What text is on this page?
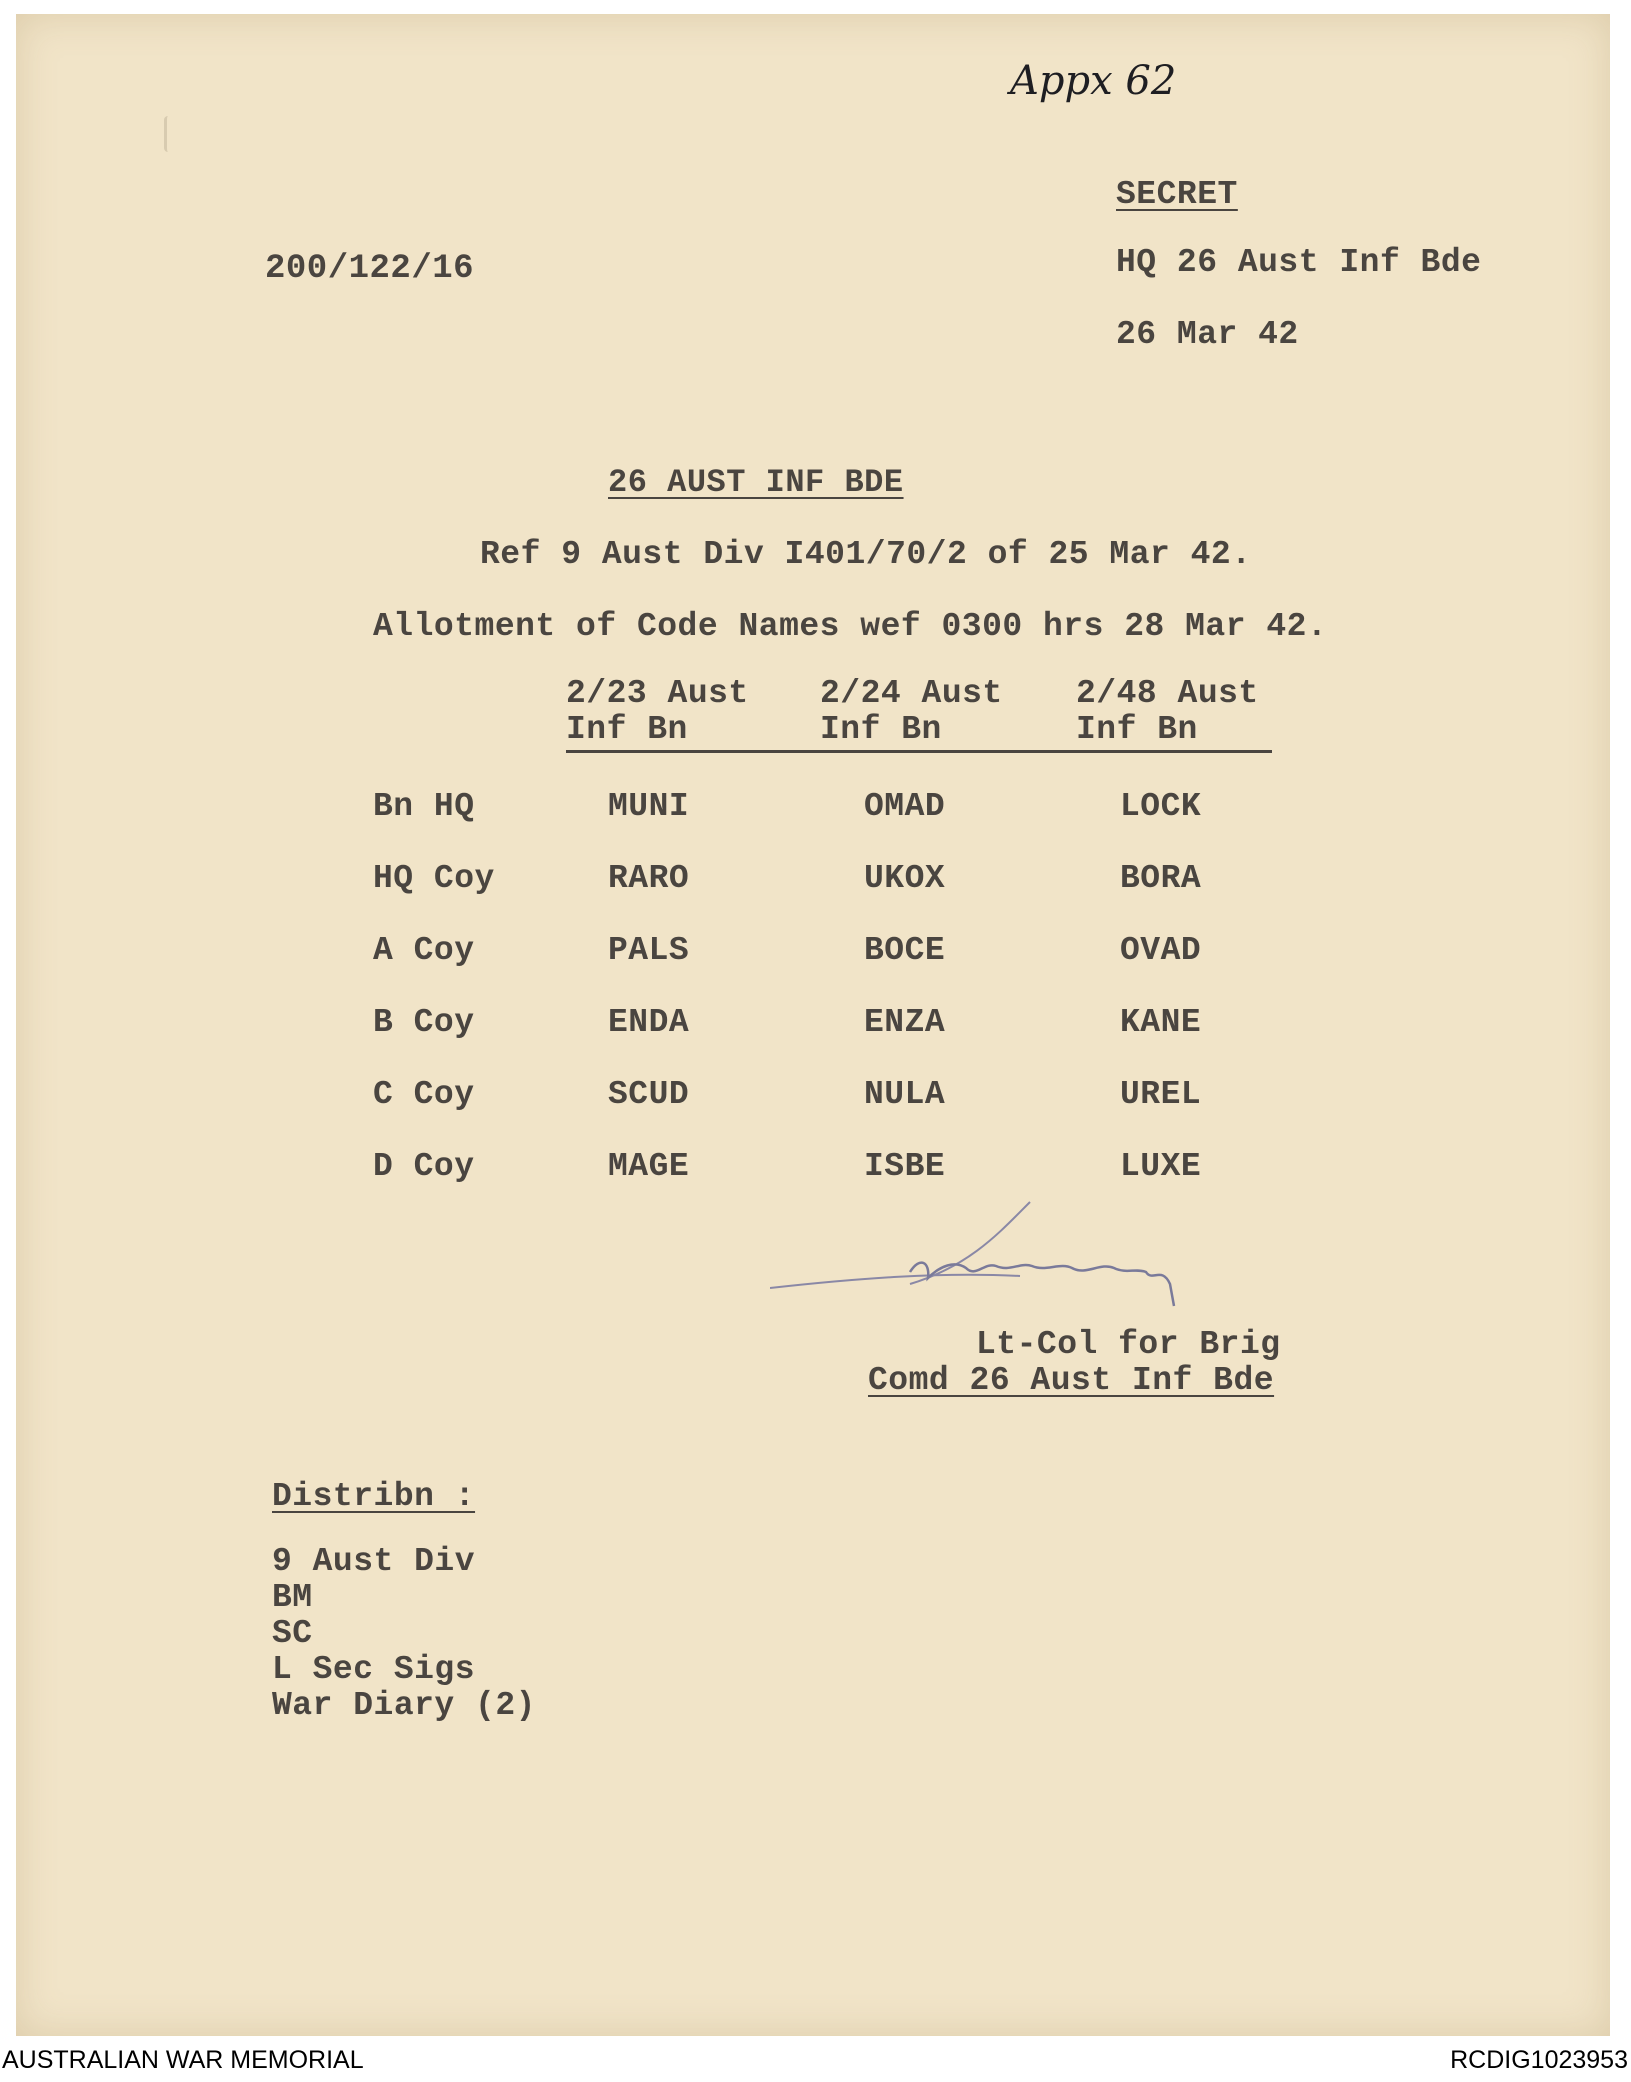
Appx 62
SECRET
200/122/16	HQ 26 Aust Inf Bde
26 Mar 42
26 AUST INF BDE
Ref 9 Aust Div I401/70/2 of 25 Mar 42.
Allotment of Code Names wef 0300 hrs 28 Mar 42.
2/23 Aust
Inf Bn
2/24 Aust
Inf Bn
2/48 Aust
Inf Bn
Bn HQ	MUNI	OMAD	LOCK
HQ Coy	RARO	UKOX	BORA
A Coy	PALS	BOCE	OVAD
B Coy	ENDA	ENZA	KANE
C Coy	SCUD	NULA	UREL
D Coy	MAGE	ISBE	LUXE
Lt-Col for Brig
Comd 26 Aust Inf Bde
Distribn :
9 Aust Div
BM
SC
L Sec Sigs
War Diary (2)
AUSTRALIAN WAR MEMORIAL	RCDIG1023953
